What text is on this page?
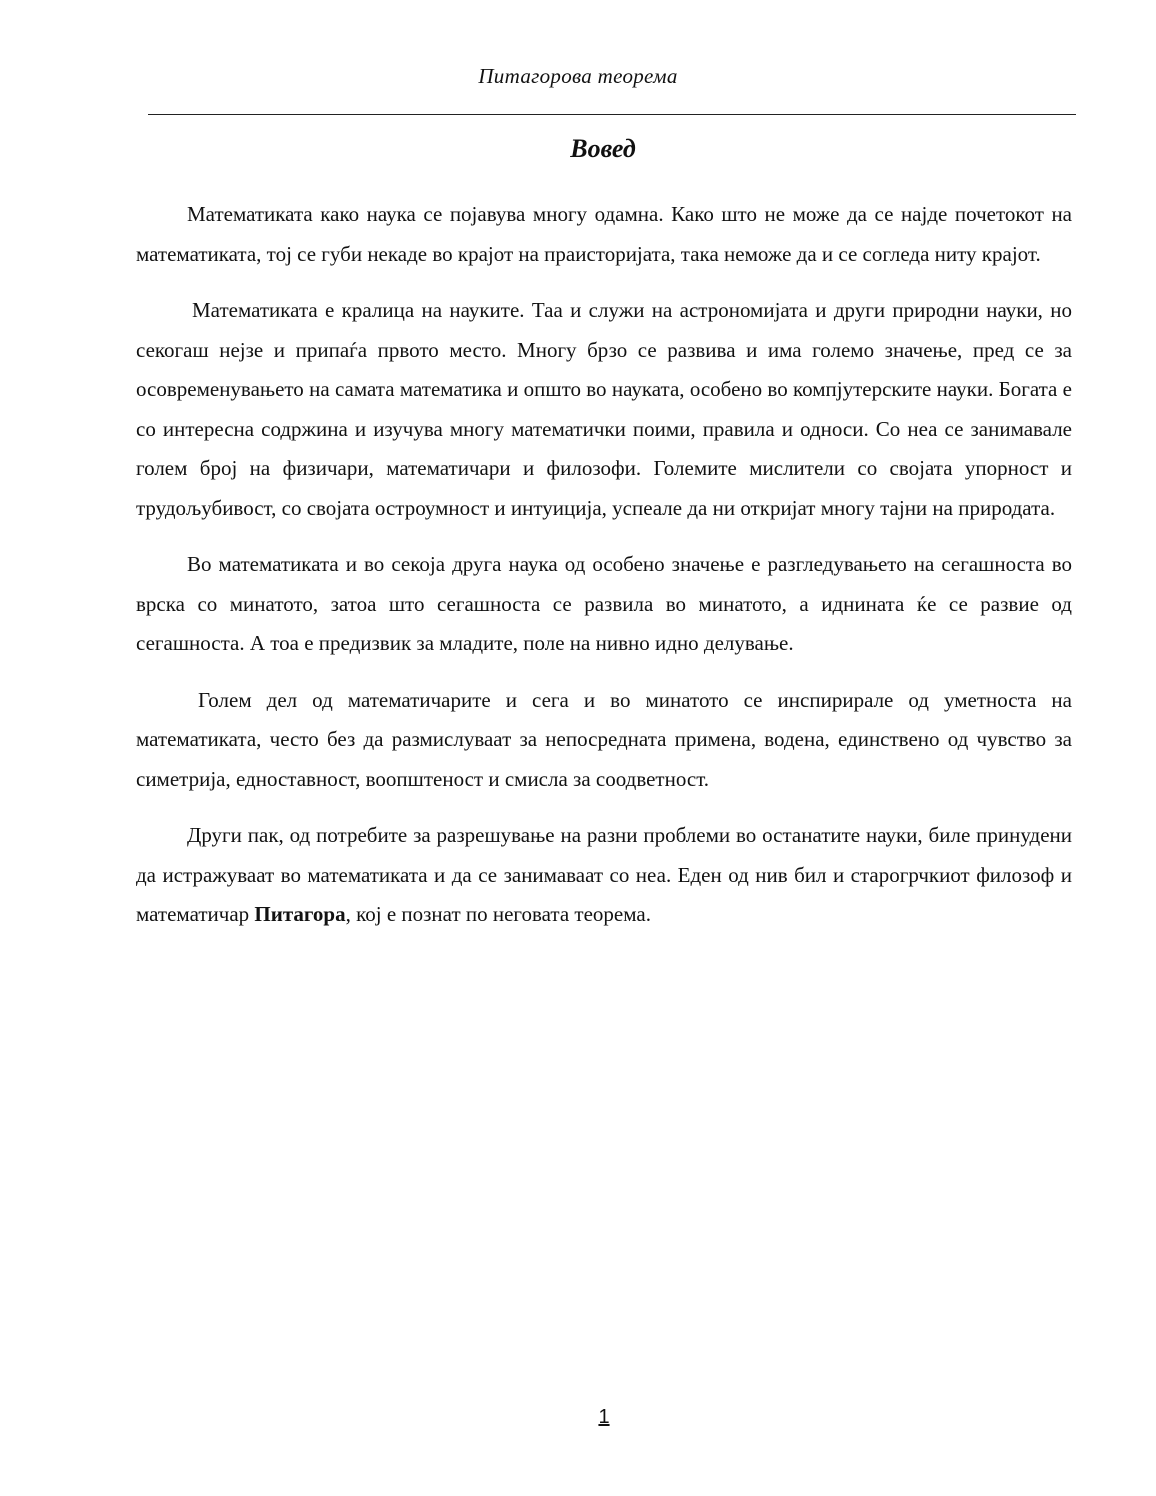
Питагорова теорема
Вовед

Математиката како наука се појавува многу одамна. Како што не може да се најде почетокот на математиката, тој се губи некаде во крајот на праисторијата, така неможе да и се согледа ниту крајот.

Математиката е кралица на науките. Таа и служи на астрономијата и други природни науки, но секогаш нејзе и припаѓа првото место. Многу брзо се развива и има големо значење, пред се за осовременувањето на самата математика и општо во науката, особено во компјутерските науки. Богата е со интересна содржина и изучува многу математички поими, правила и односи. Со неа се занимавале голем број на физичари, математичари и филозофи. Големите мислители со својата упорност и трудољубивост, со својата остроумност и интуиција, успеале да ни откријат многу тајни на природата.

Во математиката и во секоја друга наука од особено значење е разгледувањето на сегашноста во врска со минатото, затоа што сегашноста се развила во минатото, а иднината ќе се развие од сегашноста. А тоа е предизвик за младите, поле на нивно идно делување.

Голем дел од математичарите и сега и во минатото се инспирирале од уметноста на математиката, често без да размислуваат за непосредната примена, водена, единствено од чувство за симетрија, едноставност, воопштеност и смисла за соодветност.

Други пак, од потребите за разрешување на разни проблеми во останатите науки, биле принудени да истражуваат во математиката и да се занимаваат со неа. Еден од нив бил и старогрчкиот филозоф и математичар Питагора, кој е познат по неговата теорема.

1
